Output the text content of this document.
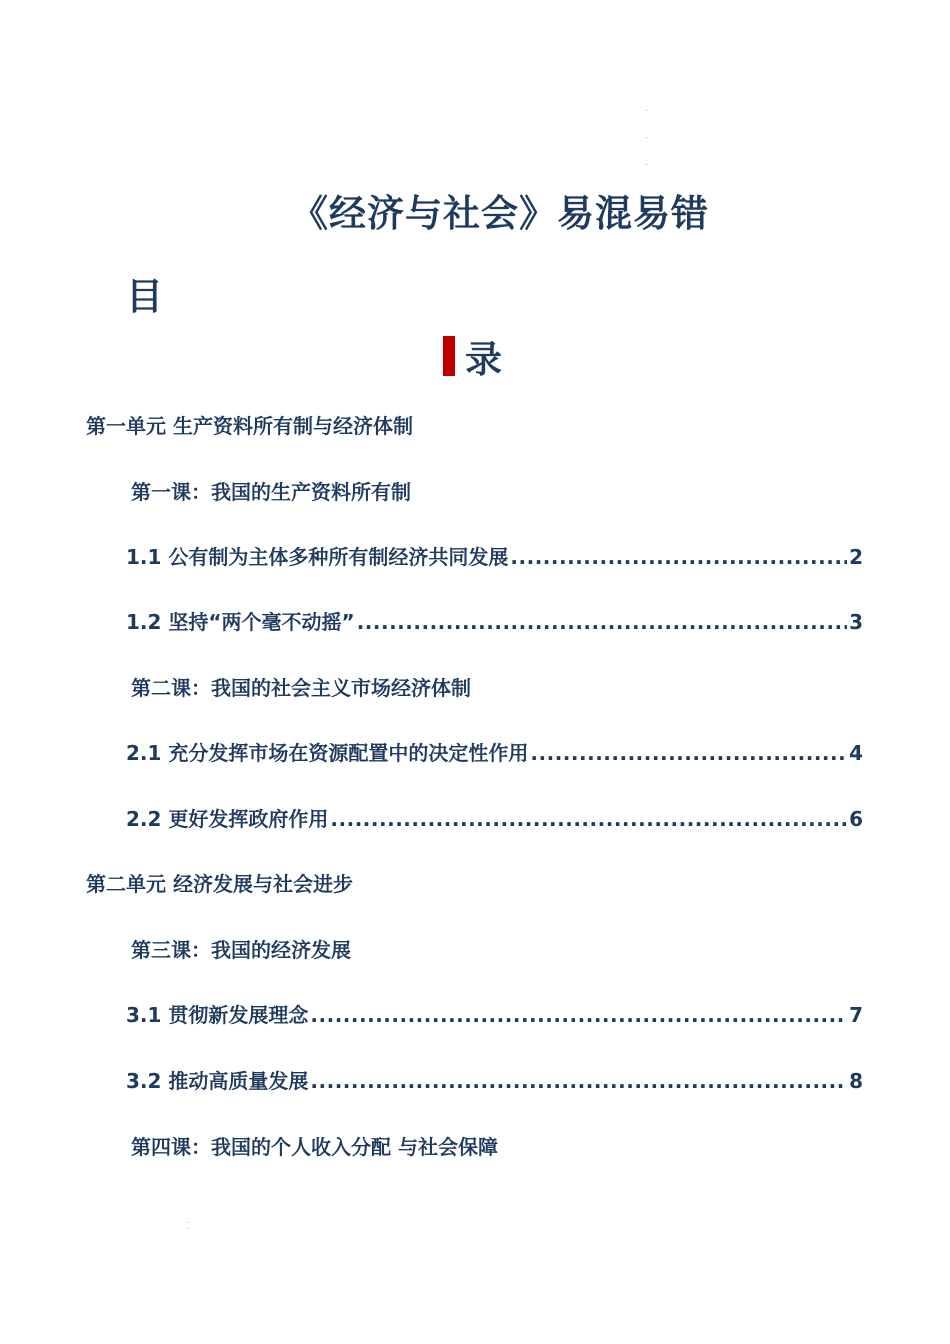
《经济与社会》易混易错
目
录
第一单元 生产资料所有制与经济体制
第一课：我国的生产资料所有制
1.1 公有制为主体多种所有制经济共同发展 .....	2
1.2 坚持“两个毫不动摇” .....	3
第二课：我国的社会主义市场经济体制
2.1 充分发挥市场在资源配置中的决定性作用 .....	4
2.2 更好发挥政府作用 .....	6
第二单元 经济发展与社会进步
第三课：我国的经济发展
3.1 贯彻新发展理念 .....	7
3.2 推动高质量发展 .....	8
第四课：我国的个人收入分配 与社会保障
